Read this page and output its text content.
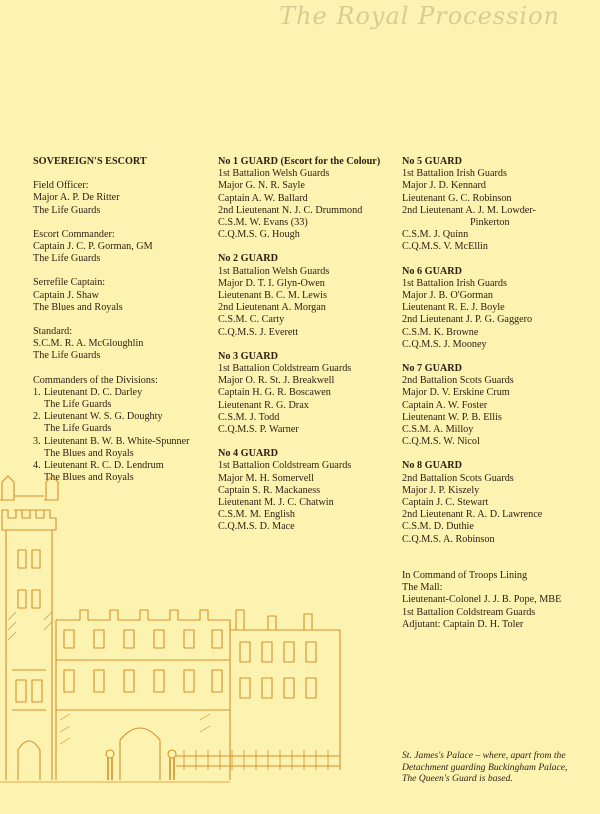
The Royal Procession
SOVEREIGN'S ESCORT
Field Officer:
Major A. P. De Ritter
The Life Guards
Escort Commander:
Captain J. C. P. Gorman, GM
The Life Guards
Serrefile Captain:
Captain J. Shaw
The Blues and Royals
Standard:
S.C.M. R. A. McGloughlin
The Life Guards
Commanders of the Divisions:
1. Lieutenant D. C. Darley
The Life Guards
2. Lieutenant W. S. G. Doughty
The Life Guards
3. Lieutenant B. W. B. White-Spunner
The Blues and Royals
4. Lieutenant R. C. D. Lendrum
The Blues and Royals
No 1 GUARD (Escort for the Colour)
1st Battalion Welsh Guards
Major G. N. R. Sayle
Captain A. W. Ballard
2nd Lieutenant N. J. C. Drummond
C.S.M. W. Evans (33)
C.Q.M.S. G. Hough
No 2 GUARD
1st Battalion Welsh Guards
Major D. T. I. Glyn-Owen
Lieutenant B. C. M. Lewis
2nd Lieutenant A. Morgan
C.S.M. C. Carty
C.Q.M.S. J. Everett
No 3 GUARD
1st Battalion Coldstream Guards
Major O. R. St. J. Breakwell
Captain H. G. R. Boscawen
Lieutenant R. G. Drax
C.S.M. J. Todd
C.Q.M.S. P. Warner
No 4 GUARD
1st Battalion Coldstream Guards
Major M. H. Somervell
Captain S. R. Mackaness
Lieutenant M. J. C. Chatwin
C.S.M. M. English
C.Q.M.S. D. Mace
No 5 GUARD
1st Battalion Irish Guards
Major J. D. Kennard
Lieutenant G. C. Robinson
2nd Lieutenant A. J. M. Lowder-
Pinkerton
C.S.M. J. Quinn
C.Q.M.S. V. McEllin
No 6 GUARD
1st Battalion Irish Guards
Major J. B. O'Gorman
Lieutenant R. E. J. Boyle
2nd Lieutenant J. P. G. Gaggero
C.S.M. K. Browne
C.Q.M.S. J. Mooney
No 7 GUARD
2nd Battalion Scots Guards
Major D. V. Erskine Crum
Captain A. W. Foster
Lieutenant W. P. B. Ellis
C.S.M. A. Milloy
C.Q.M.S. W. Nicol
No 8 GUARD
2nd Battalion Scots Guards
Major J. P. Kiszely
Captain J. C. Stewart
2nd Lieutenant R. A. D. Lawrence
C.S.M. D. Duthie
C.Q.M.S. A. Robinson
In Command of Troops Lining
The Mall:
Lieutenant-Colonel J. J. B. Pope, MBE
1st Battalion Coldstream Guards
Adjutant: Captain D. H. Toler
St. James's Palace – where, apart from the Detachment guarding Buckingham Palace, The Queen's Guard is based.
